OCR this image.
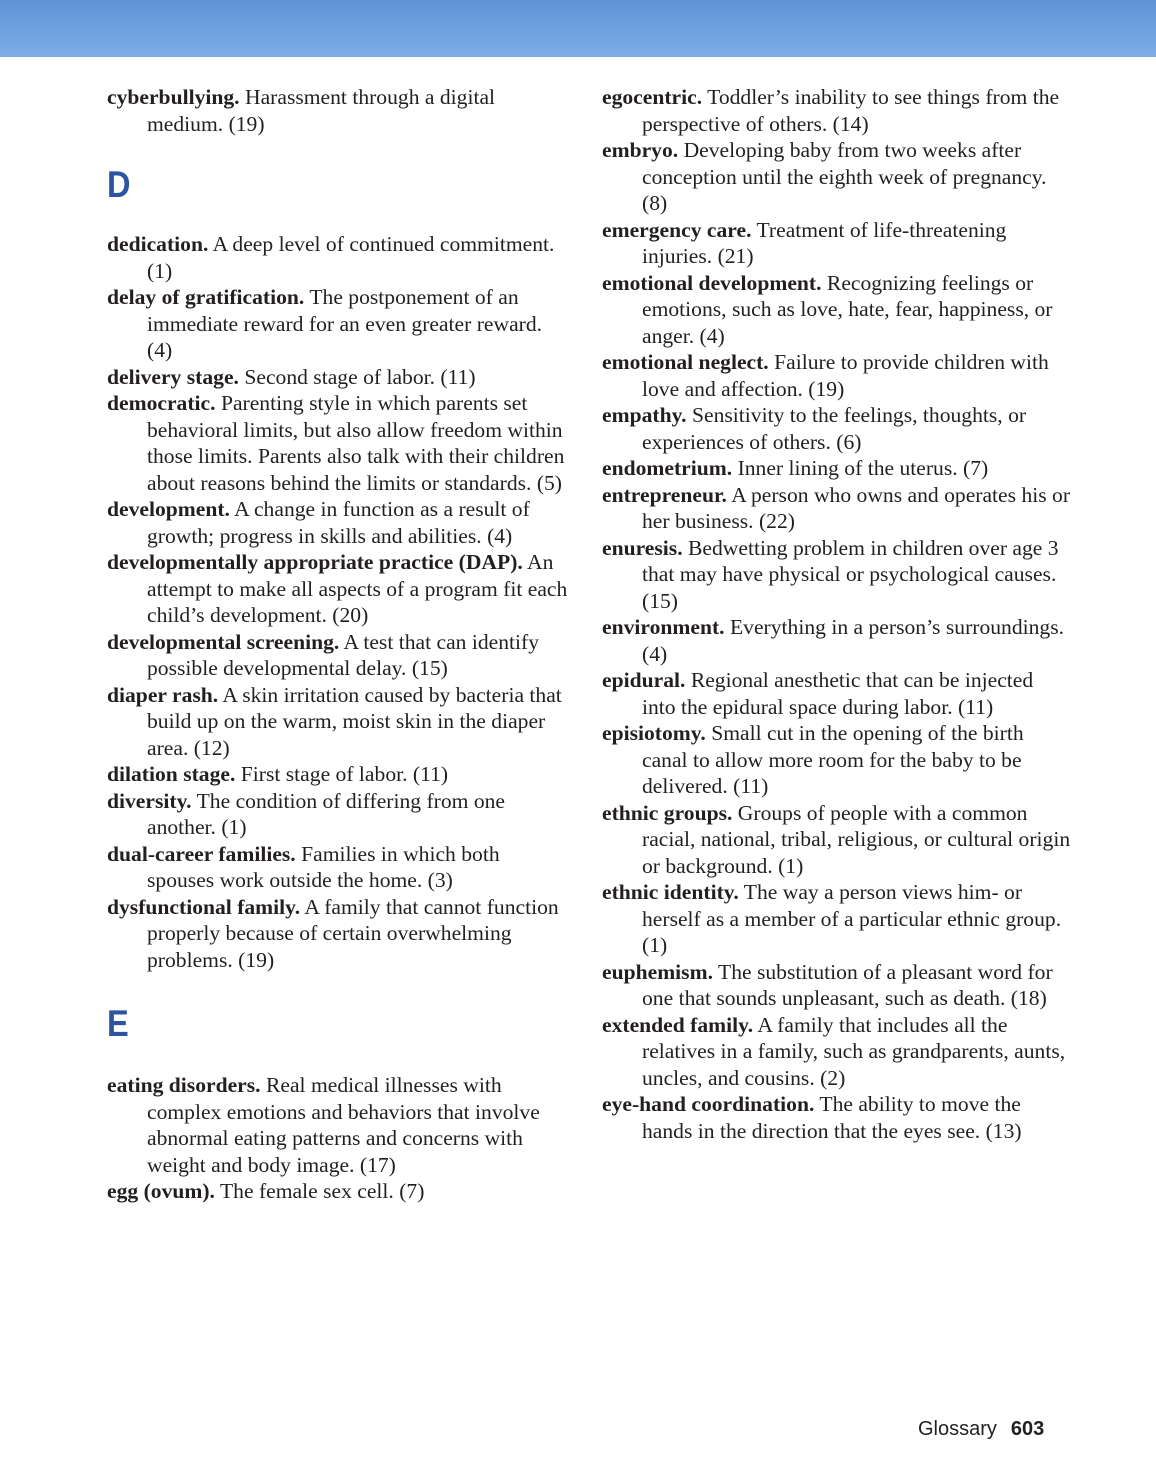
cyberbullying. Harassment through a digital medium. (19)

D

dedication. A deep level of continued commitment. (1)

delay of gratification. The postponement of an immediate reward for an even greater reward. (4)

delivery stage. Second stage of labor. (11)

democratic. Parenting style in which parents set behavioral limits, but also allow freedom within those limits. Parents also talk with their children about reasons behind the limits or standards. (5)

development. A change in function as a result of growth; progress in skills and abilities. (4)

developmentally appropriate practice (DAP). An attempt to make all aspects of a program fit each child’s development. (20)

developmental screening. A test that can identify possible developmental delay. (15)

diaper rash. A skin irritation caused by bacteria that build up on the warm, moist skin in the diaper area. (12)

dilation stage. First stage of labor. (11)

diversity. The condition of differing from one another. (1)

dual-career families. Families in which both spouses work outside the home. (3)

dysfunctional family. A family that cannot function properly because of certain overwhelming problems. (19)

E

eating disorders. Real medical illnesses with complex emotions and behaviors that involve abnormal eating patterns and concerns with weight and body image. (17)

egg (ovum). The female sex cell. (7)

egocentric. Toddler’s inability to see things from the perspective of others. (14)

embryo. Developing baby from two weeks after conception until the eighth week of pregnancy. (8)

emergency care. Treatment of life-threatening injuries. (21)

emotional development. Recognizing feelings or emotions, such as love, hate, fear, happiness, or anger. (4)

emotional neglect. Failure to provide children with love and affection. (19)

empathy. Sensitivity to the feelings, thoughts, or experiences of others. (6)

endometrium. Inner lining of the uterus. (7)

entrepreneur. A person who owns and operates his or her business. (22)

enuresis. Bedwetting problem in children over age 3 that may have physical or psychological causes. (15)

environment. Everything in a person’s surroundings. (4)

epidural. Regional anesthetic that can be injected into the epidural space during labor. (11)

episiotomy. Small cut in the opening of the birth canal to allow more room for the baby to be delivered. (11)

ethnic groups. Groups of people with a common racial, national, tribal, religious, or cultural origin or background. (1)

ethnic identity. The way a person views him- or herself as a member of a particular ethnic group. (1)

euphemism. The substitution of a pleasant word for one that sounds unpleasant, such as death. (18)

extended family. A family that includes all the relatives in a family, such as grandparents, aunts, uncles, and cousins. (2)

eye-hand coordination. The ability to move the hands in the direction that the eyes see. (13)

Glossary 603
